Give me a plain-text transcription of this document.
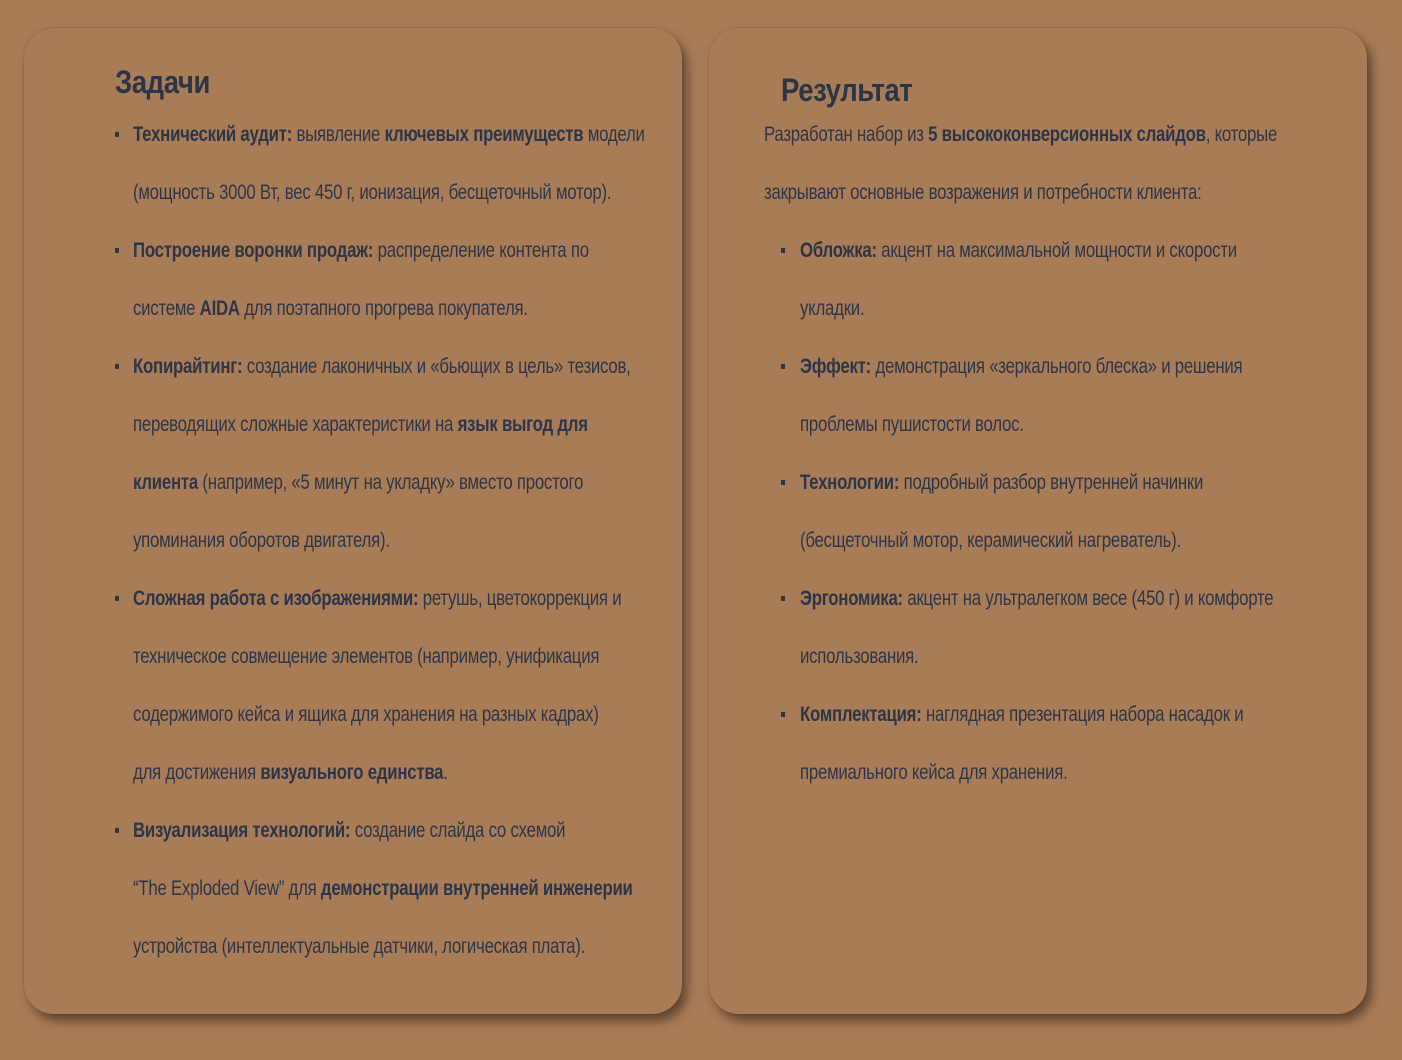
Задачи
Технический аудит: выявление ключевых преимуществ модели
(мощность 3000 Вт, вес 450 г, ионизация, бесщеточный мотор).
Построение воронки продаж: распределение контента по
системе AIDA для поэтапного прогрева покупателя.
Копирайтинг: создание лаконичных и «бьющих в цель» тезисов,
переводящих сложные характеристики на язык выгод для
клиента (например, «5 минут на укладку» вместо простого
упоминания оборотов двигателя).
Сложная работа с изображениями: ретушь, цветокоррекция и
техническое совмещение элементов (например, унификация
содержимого кейса и ящика для хранения на разных кадрах)
для достижения визуального единства.
Визуализация технологий: создание слайда со схемой
“The Exploded View” для демонстрации внутренней инженерии
устройства (интеллектуальные датчики, логическая плата).
Результат
Разработан набор из 5 высококонверсионных слайдов, которые
закрывают основные возражения и потребности клиента:
Обложка: акцент на максимальной мощности и скорости
укладки.
Эффект: демонстрация «зеркального блеска» и решения
проблемы пушистости волос.
Технологии: подробный разбор внутренней начинки
(бесщеточный мотор, керамический нагреватель).
Эргономика: акцент на ультралегком весе (450 г) и комфорте
использования.
Комплектация: наглядная презентация набора насадок и
премиального кейса для хранения.
